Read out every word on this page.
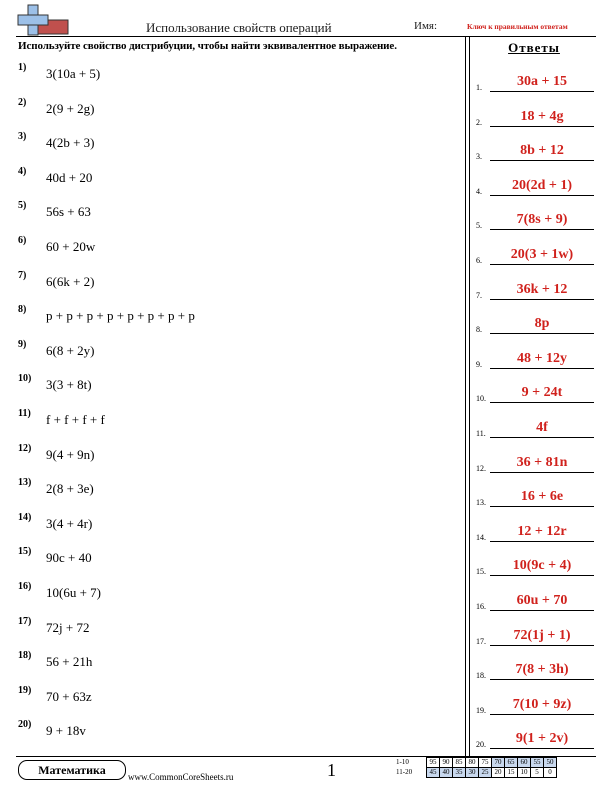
Использование свойств операций	Имя:	Ключ к правильным ответам
Используйте свойство дистрибуции, чтобы найти эквивалентное выражение.	Ответы
1) 3(10a + 5)
2) 2(9 + 2g)
3) 4(2b + 3)
4) 40d + 20
5) 56s + 63
6) 60 + 20w
7) 6(6k + 2)
8) p + p + p + p + p + p + p + p
9) 6(8 + 2y)
10) 3(3 + 8t)
11) f + f + f + f
12) 9(4 + 9n)
13) 2(8 + 3e)
14) 3(4 + 4r)
15) 90c + 40
16) 10(6u + 7)
17) 72j + 72
18) 56 + 21h
19) 70 + 63z
20) 9 + 18v
1.	30a + 15
2.	18 + 4g
3.	8b + 12
4.	20(2d + 1)
5.	7(8s + 9)
6.	20(3 + 1w)
7.	36k + 12
8.	8p
9.	48 + 12y
10.	9 + 24t
11.	4f
12.	36 + 81n
13.	16 + 6e
14.	12 + 12r
15.	10(9c + 4)
16.	60u + 70
17.	72(1j + 1)
18.	7(8 + 3h)
19.	7(10 + 9z)
20.	9(1 + 2v)
Математика	www.CommonCoreSheets.ru	1	1-10	95	90	85	80	75	70	65	60	55	50
11-20	45	40	35	30	25	20	15	10	5	0
